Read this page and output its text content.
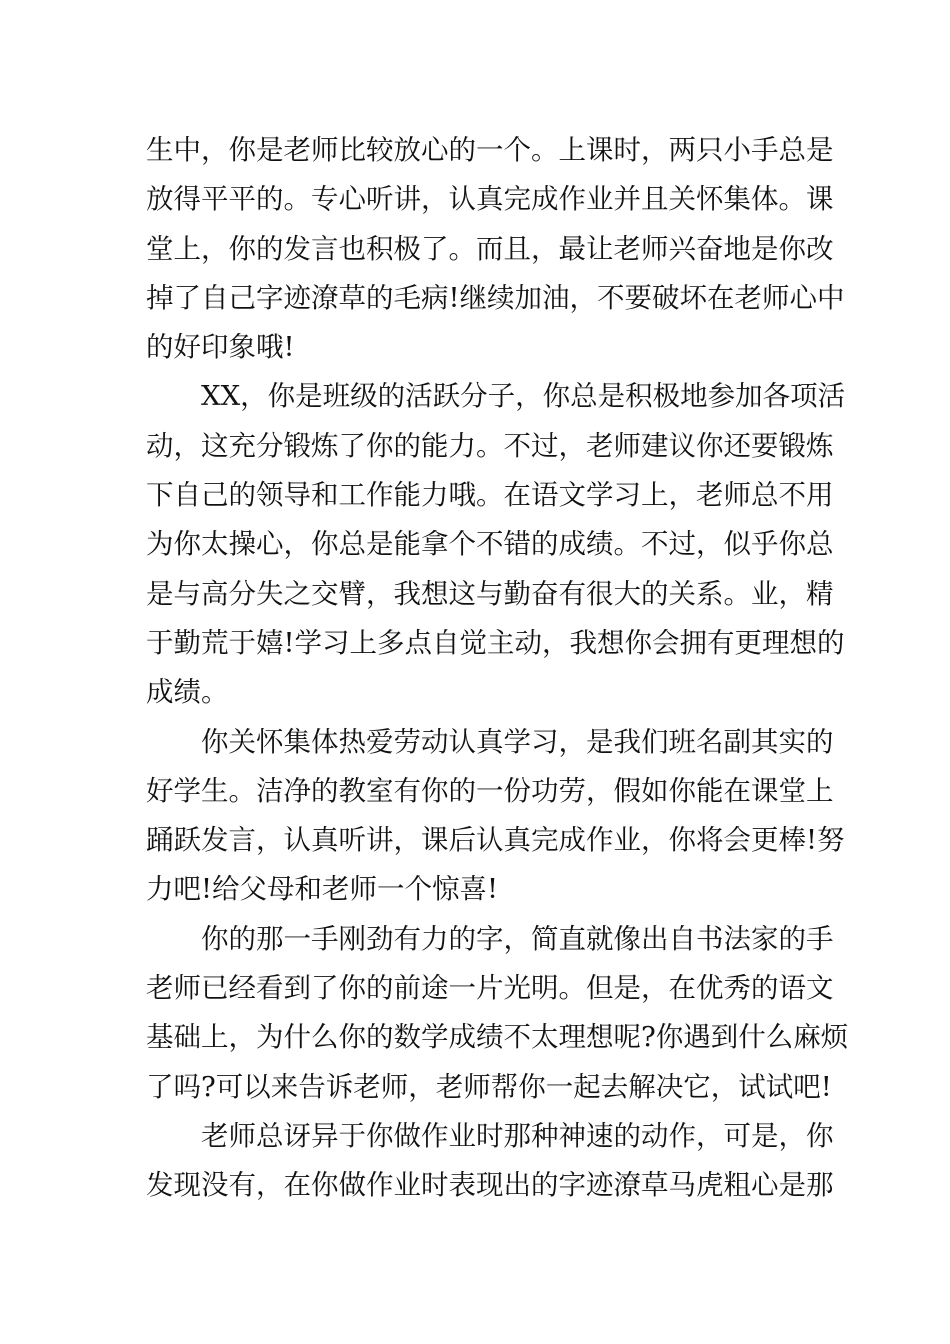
生中，你是老师比较放心的一个。上课时，两只小手总是
放得平平的。专心听讲，认真完成作业并且关怀集体。课
堂上，你的发言也积极了。而且，最让老师兴奋地是你改
掉了自己字迹潦草的毛病!继续加油，不要破坏在老师心中
的好印象哦!
XX，你是班级的活跃分子，你总是积极地参加各项活
动，这充分锻炼了你的能力。不过，老师建议你还要锻炼
下自己的领导和工作能力哦。在语文学习上，老师总不用
为你太操心，你总是能拿个不错的成绩。不过，似乎你总
是与高分失之交臂，我想这与勤奋有很大的关系。业，精
于勤荒于嬉!学习上多点自觉主动，我想你会拥有更理想的
成绩。
你关怀集体热爱劳动认真学习，是我们班名副其实的
好学生。洁净的教室有你的一份功劳，假如你能在课堂上
踊跃发言，认真听讲，课后认真完成作业，你将会更棒!努
力吧!给父母和老师一个惊喜!
你的那一手刚劲有力的字，简直就像出自书法家的手
老师已经看到了你的前途一片光明。但是，在优秀的语文
基础上，为什么你的数学成绩不太理想呢?你遇到什么麻烦
了吗?可以来告诉老师，老师帮你一起去解决它，试试吧!
老师总讶异于你做作业时那种神速的动作，可是，你
发现没有，在你做作业时表现出的字迹潦草马虎粗心是那
